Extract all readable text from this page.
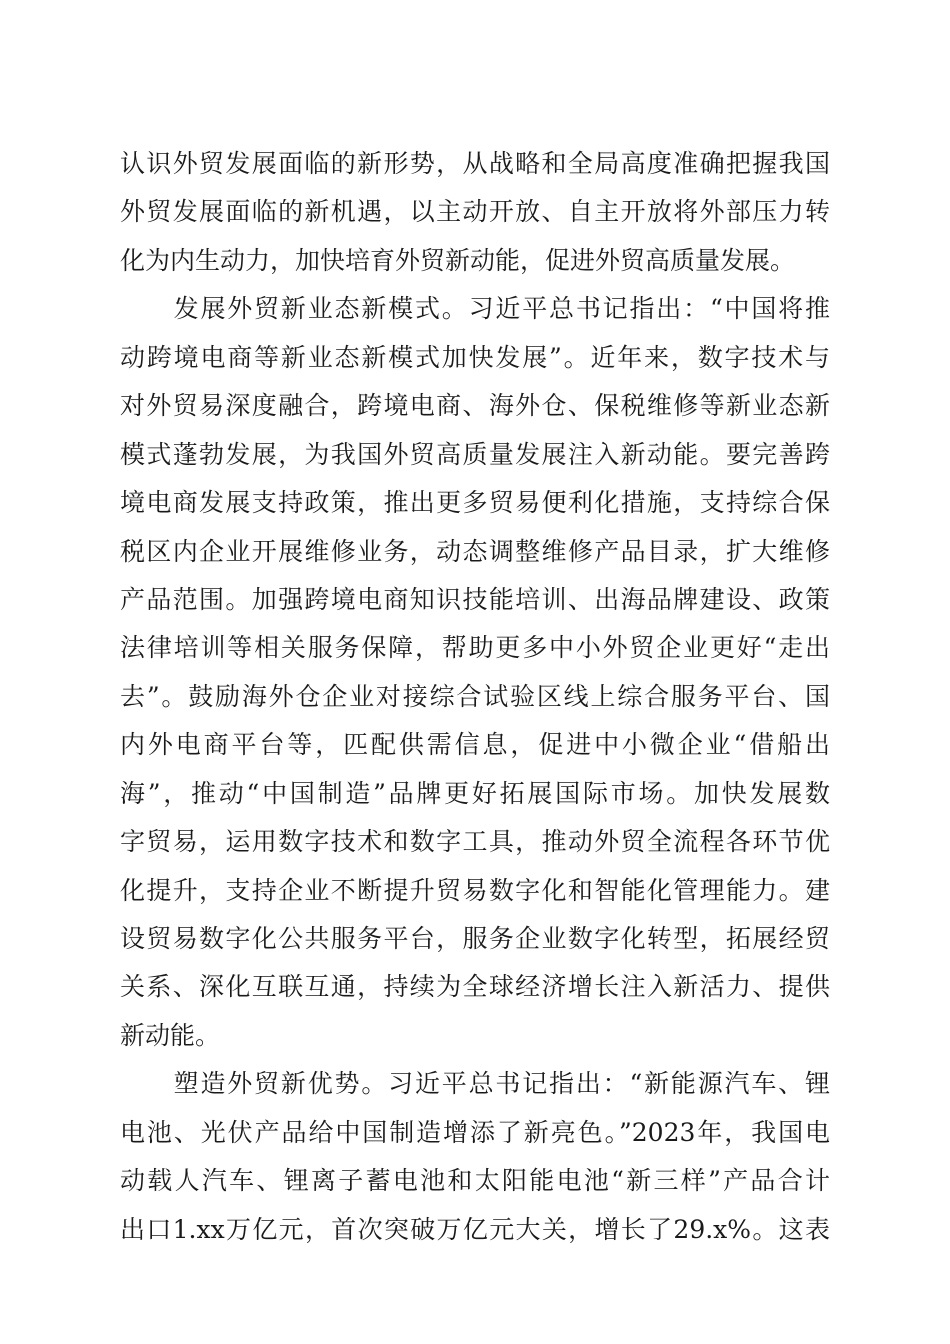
认识外贸发展面临的新形势，从战略和全局高度准确把握我国
外贸发展面临的新机遇，以主动开放、自主开放将外部压力转
化为内生动力，加快培育外贸新动能，促进外贸高质量发展。
　　发展外贸新业态新模式。习近平总书记指出：“中国将推
动跨境电商等新业态新模式加快发展”。近年来，数字技术与
对外贸易深度融合，跨境电商、海外仓、保税维修等新业态新
模式蓬勃发展，为我国外贸高质量发展注入新动能。要完善跨
境电商发展支持政策，推出更多贸易便利化措施，支持综合保
税区内企业开展维修业务，动态调整维修产品目录，扩大维修
产品范围。加强跨境电商知识技能培训、出海品牌建设、政策
法律培训等相关服务保障，帮助更多中小外贸企业更好“走出
去”。鼓励海外仓企业对接综合试验区线上综合服务平台、国
内外电商平台等，匹配供需信息，促进中小微企业“借船出
海”，推动“中国制造”品牌更好拓展国际市场。加快发展数
字贸易，运用数字技术和数字工具，推动外贸全流程各环节优
化提升，支持企业不断提升贸易数字化和智能化管理能力。建
设贸易数字化公共服务平台，服务企业数字化转型，拓展经贸
关系、深化互联互通，持续为全球经济增长注入新活力、提供
新动能。
　　塑造外贸新优势。习近平总书记指出：“新能源汽车、锂
电池、光伏产品给中国制造增添了新亮色。”2023年，我国电
动载人汽车、锂离子蓄电池和太阳能电池“新三样”产品合计
出口1.xx万亿元，首次突破万亿元大关，增长了29.x%。这表
